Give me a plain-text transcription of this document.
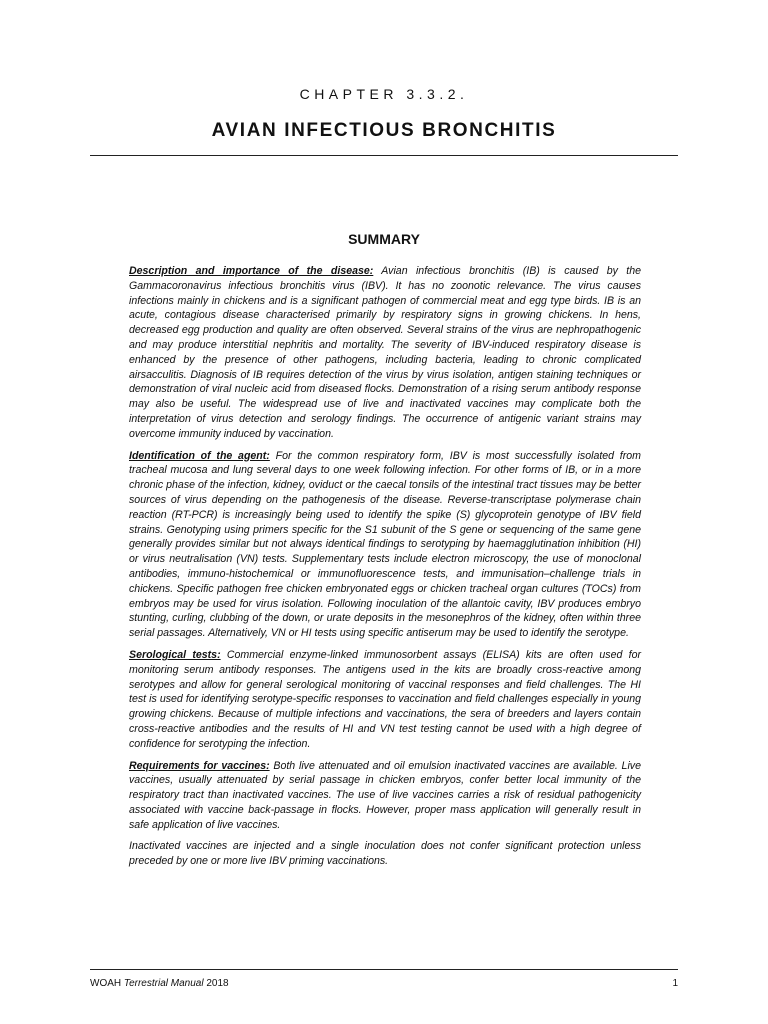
CHAPTER 3.3.2.
AVIAN INFECTIOUS BRONCHITIS
SUMMARY

Description and importance of the disease: Avian infectious bronchitis (IB) is caused by the Gammacoronavirus infectious bronchitis virus (IBV). It has no zoonotic relevance. The virus causes infections mainly in chickens and is a significant pathogen of commercial meat and egg type birds. IB is an acute, contagious disease characterised primarily by respiratory signs in growing chickens. In hens, decreased egg production and quality are often observed. Several strains of the virus are nephropathogenic and may produce interstitial nephritis and mortality. The severity of IBV-induced respiratory disease is enhanced by the presence of other pathogens, including bacteria, leading to chronic complicated airsacculitis. Diagnosis of IB requires detection of the virus by virus isolation, antigen staining techniques or demonstration of viral nucleic acid from diseased flocks. Demonstration of a rising serum antibody response may also be useful. The widespread use of live and inactivated vaccines may complicate both the interpretation of virus detection and serology findings. The occurrence of antigenic variant strains may overcome immunity induced by vaccination.

Identification of the agent: For the common respiratory form, IBV is most successfully isolated from tracheal mucosa and lung several days to one week following infection. For other forms of IB, or in a more chronic phase of the infection, kidney, oviduct or the caecal tonsils of the intestinal tract tissues may be better sources of virus depending on the pathogenesis of the disease. Reverse-transcriptase polymerase chain reaction (RT-PCR) is increasingly being used to identify the spike (S) glycoprotein genotype of IBV field strains. Genotyping using primers specific for the S1 subunit of the S gene or sequencing of the same gene generally provides similar but not always identical findings to serotyping by haemagglutination inhibition (HI) or virus neutralisation (VN) tests. Supplementary tests include electron microscopy, the use of monoclonal antibodies, immuno-histochemical or immunofluorescence tests, and immunisation–challenge trials in chickens. Specific pathogen free chicken embryonated eggs or chicken tracheal organ cultures (TOCs) from embryos may be used for virus isolation. Following inoculation of the allantoic cavity, IBV produces embryo stunting, curling, clubbing of the down, or urate deposits in the mesonephros of the kidney, often within three serial passages. Alternatively, VN or HI tests using specific antiserum may be used to identify the serotype.

Serological tests: Commercial enzyme-linked immunosorbent assays (ELISA) kits are often used for monitoring serum antibody responses. The antigens used in the kits are broadly cross-reactive among serotypes and allow for general serological monitoring of vaccinal responses and field challenges. The HI test is used for identifying serotype-specific responses to vaccination and field challenges especially in young growing chickens. Because of multiple infections and vaccinations, the sera of breeders and layers contain cross-reactive antibodies and the results of HI and VN test testing cannot be used with a high degree of confidence for serotyping the infection.

Requirements for vaccines: Both live attenuated and oil emulsion inactivated vaccines are available. Live vaccines, usually attenuated by serial passage in chicken embryos, confer better local immunity of the respiratory tract than inactivated vaccines. The use of live vaccines carries a risk of residual pathogenicity associated with vaccine back-passage in flocks. However, proper mass application will generally result in safe application of live vaccines.

Inactivated vaccines are injected and a single inoculation does not confer significant protection unless preceded by one or more live IBV priming vaccinations.

WOAH Terrestrial Manual 2018	1
